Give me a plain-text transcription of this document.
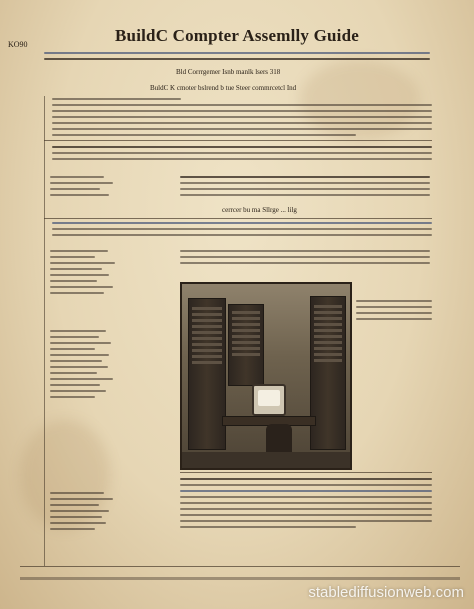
BuildC Compter Assemlly Guide

KO90

Bld Corrrgemer Isnb manlk lsers 318

BuldC K cmoter bslrend b tue Steer commrcetcl Ind

cerrcer bu ma Sllrge ... lilg

stablediffusionweb.com
